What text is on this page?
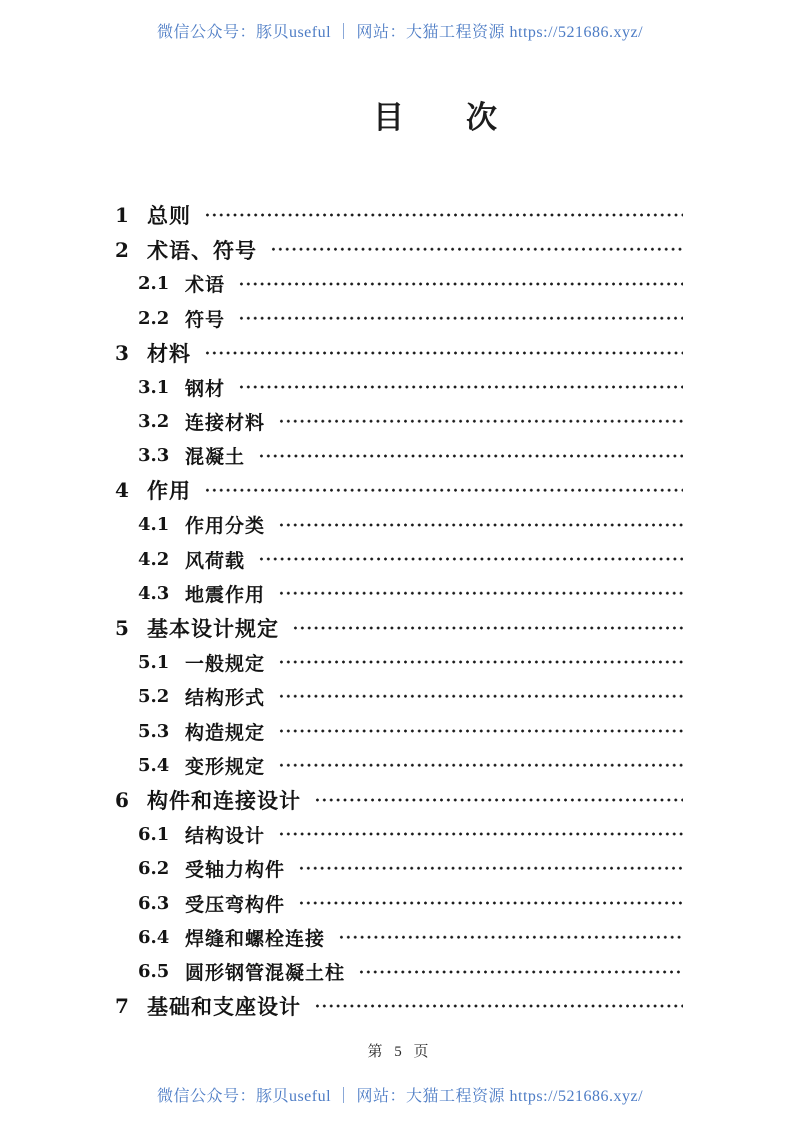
微信公众号：豚贝useful ｜ 网站：大猫工程资源 https://521686.xyz/
目　　次
1 总则
2 术语、符号
2.1 术语
2.2 符号
3 材料
3.1 钢材
3.2 连接材料
3.3 混凝土
4 作用
4.1 作用分类
4.2 风荷载
4.3 地震作用
5 基本设计规定
5.1 一般规定
5.2 结构形式
5.3 构造规定
5.4 变形规定
6 构件和连接设计
6.1 结构设计
6.2 受轴力构件
6.3 受压弯构件
6.4 焊缝和螺栓连接
6.5 圆形钢管混凝土柱
7 基础和支座设计
第 5 页
微信公众号：豚贝useful ｜ 网站：大猫工程资源 https://521686.xyz/
